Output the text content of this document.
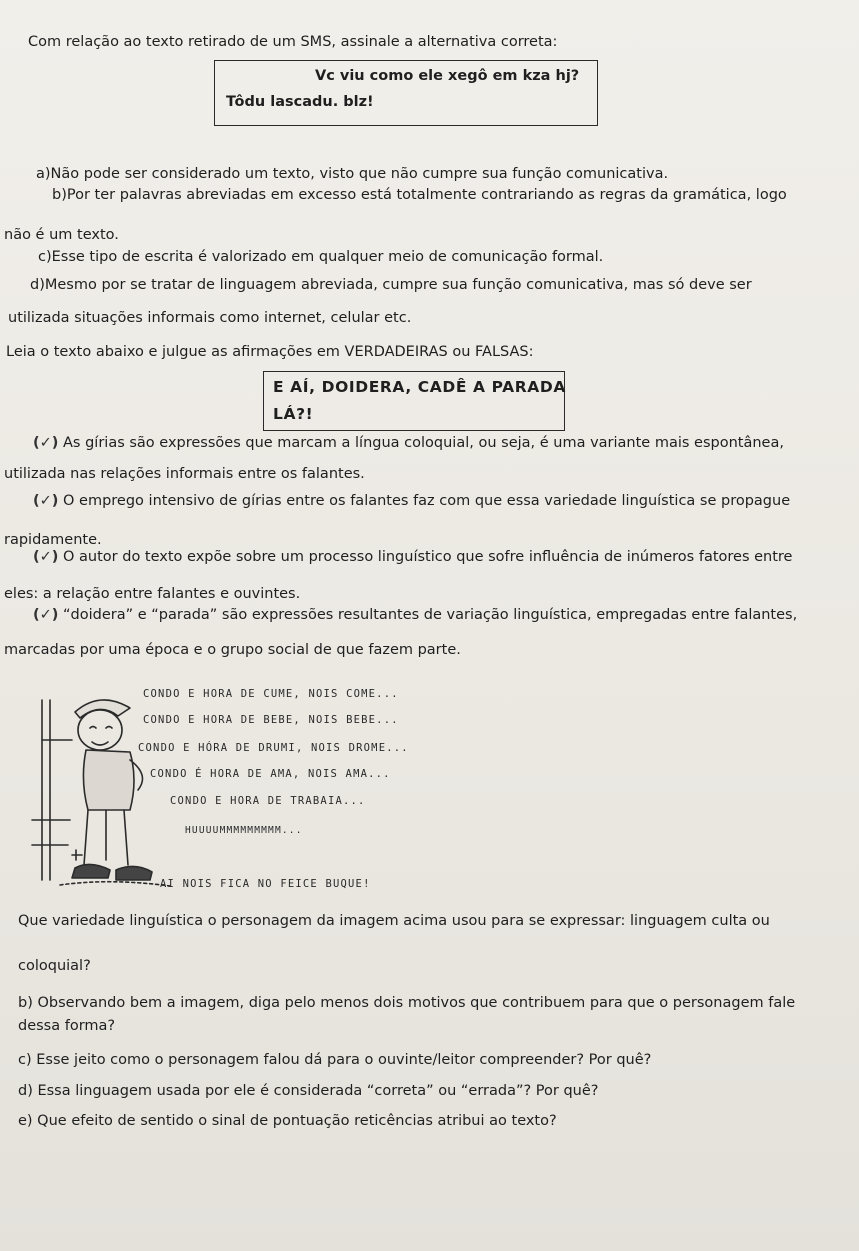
Com relação ao texto retirado de um SMS, assinale a alternativa correta:
Vc viu como ele xegô em kza hj?
Tôdu lascadu. blz!
a)Não pode ser considerado um texto, visto que não cumpre sua função comunicativa.
b)Por ter palavras abreviadas em excesso está totalmente contrariando as regras da gramática, logo
não é um texto.
c)Esse tipo de escrita é valorizado em qualquer meio de comunicação formal.
d)Mesmo por se tratar de linguagem abreviada, cumpre sua função comunicativa, mas só deve ser
utilizada situações informais como internet, celular etc.
Leia o texto abaixo e julgue as afirmações em VERDADEIRAS ou FALSAS:
E AÍ, DOIDERA, CADÊ A PARADA
LÁ?!
(✓) As gírias são expressões que marcam a língua coloquial, ou seja, é uma variante mais espontânea,
utilizada nas relações informais entre os falantes.
(✓) O emprego intensivo de gírias entre os falantes faz com que essa variedade linguística se propague
rapidamente.
(✓) O autor do texto expõe sobre um processo linguístico que sofre influência de inúmeros fatores entre
eles: a relação entre falantes e ouvintes.
(✓) “doidera” e “parada” são expressões resultantes de variação linguística, empregadas entre falantes,
marcadas por uma época e o grupo social de que fazem parte.
CONDO E HORA DE CUME, NOIS COME...
CONDO E HORA DE BEBE, NOIS BEBE...
CONDO E HÓRA DE DRUMI, NOIS DROME...
CONDO É HORA DE AMA, NOIS AMA...
CONDO E HORA DE TRABAIA...
HUUUUMMMMMMMMM...
AI NOIS FICA NO FEICE BUQUE!
Que variedade linguística o personagem da imagem acima usou para se expressar: linguagem culta ou
coloquial?
b) Observando bem a imagem, diga pelo menos dois motivos que contribuem para que o personagem fale
dessa forma?
c) Esse jeito como o personagem falou dá para o ouvinte/leitor compreender? Por quê?
d) Essa linguagem usada por ele é considerada “correta” ou “errada”? Por quê?
e) Que efeito de sentido o sinal de pontuação reticências atribui ao texto?
